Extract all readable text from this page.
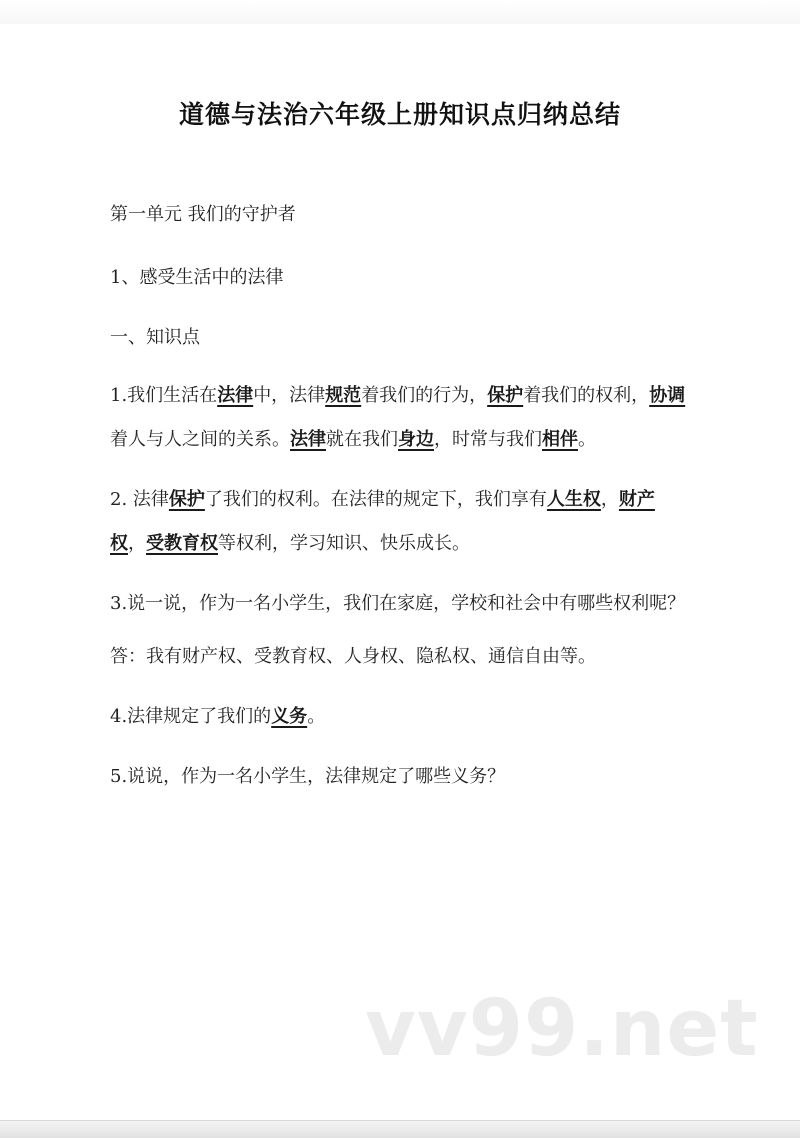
道德与法治六年级上册知识点归纳总结

第一单元 我们的守护者

1、感受生活中的法律

一、知识点

1.我们生活在法律中，法律规范着我们的行为，保护着我们的权利，协调着人与人之间的关系。法律就在我们身边，时常与我们相伴。

2. 法律保护了我们的权利。在法律的规定下，我们享有人生权，财产权，受教育权等权利，学习知识、快乐成长。

3.说一说，作为一名小学生，我们在家庭，学校和社会中有哪些权利呢？

答：我有财产权、受教育权、人身权、隐私权、通信自由等。

4.法律规定了我们的义务。

5.说说，作为一名小学生，法律规定了哪些义务？

vv99.net
